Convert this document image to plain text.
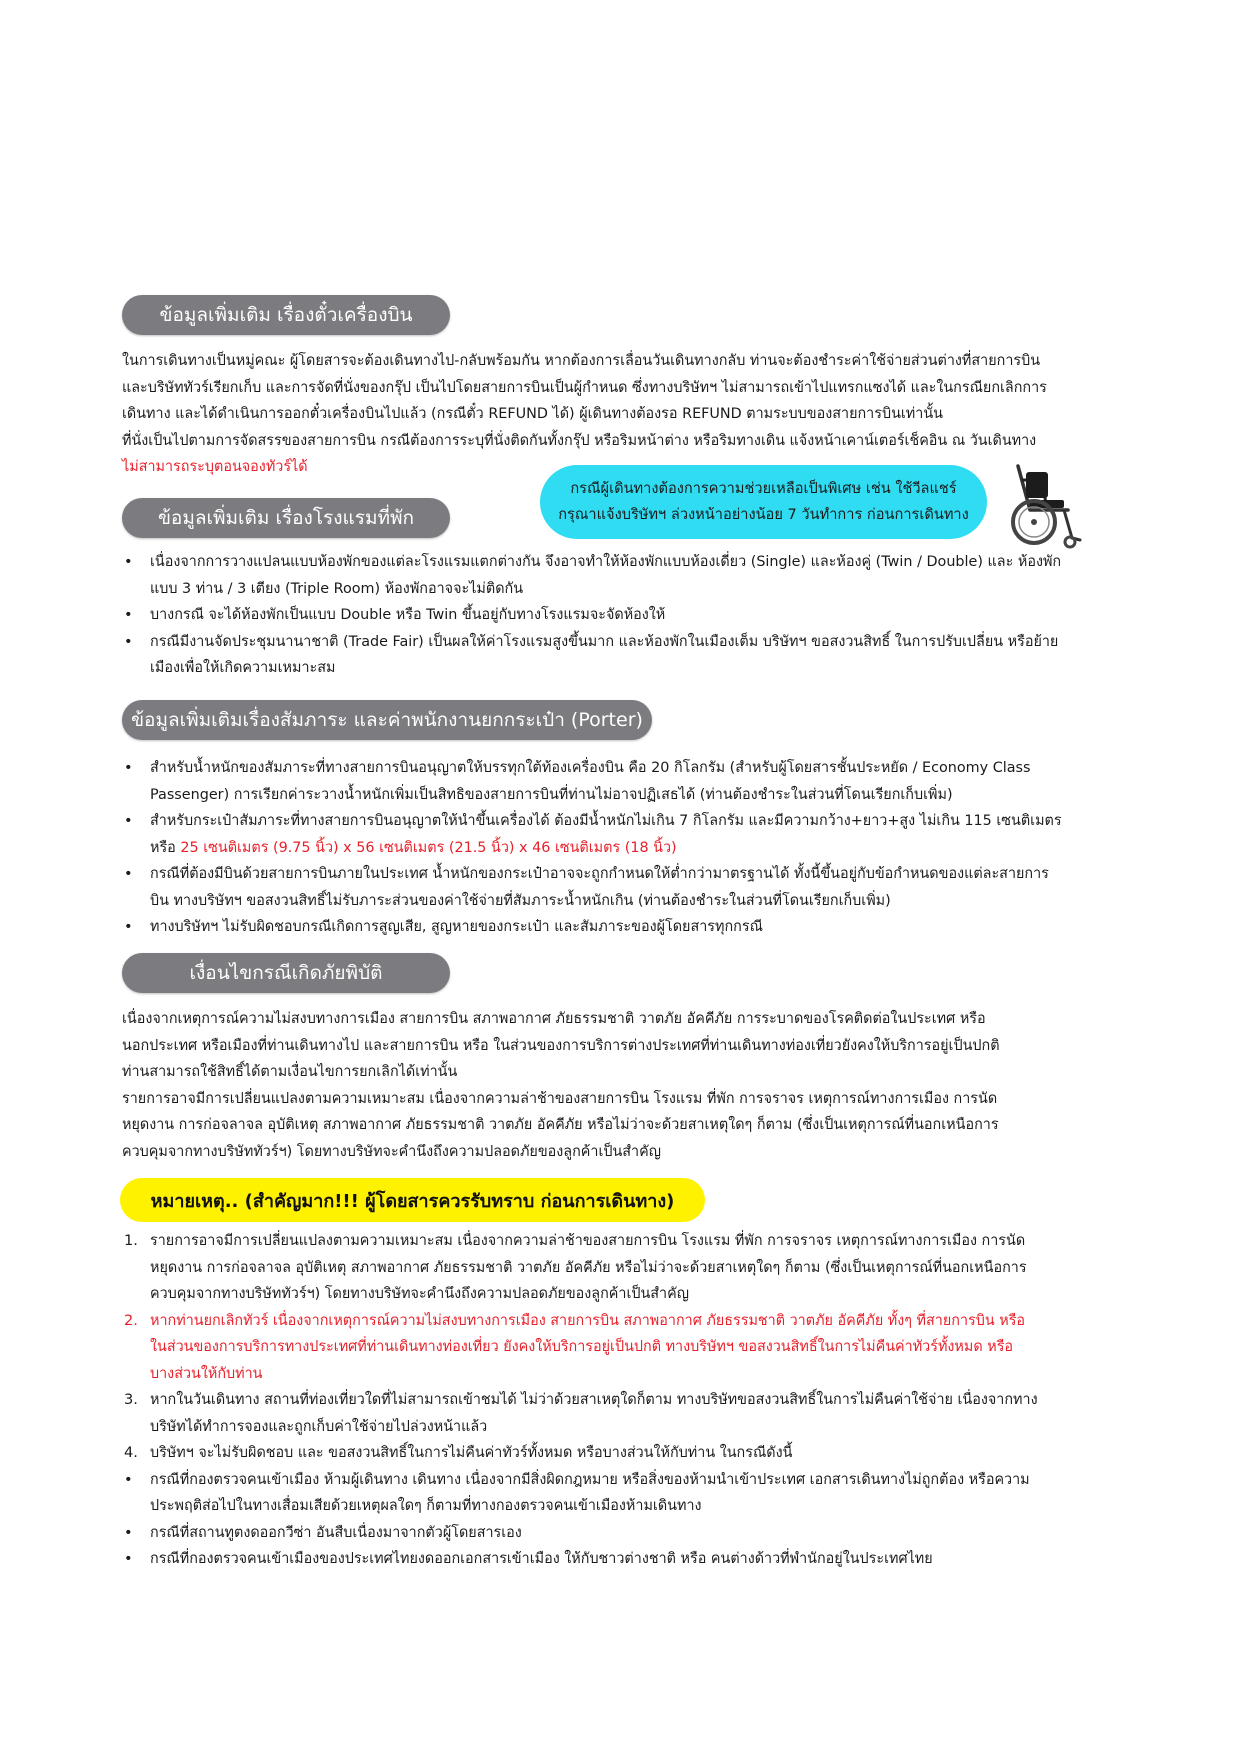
ข้อมูลเพิ่มเติม เรื่องตั๋วเครื่องบิน
ในการเดินทางเป็นหมู่คณะ ผู้โดยสารจะต้องเดินทางไป-กลับพร้อมกัน หากต้องการเลื่อนวันเดินทางกลับ ท่านจะต้องชำระค่าใช้จ่ายส่วนต่างที่สายการบิน
และบริษัททัวร์เรียกเก็บ และการจัดที่นั่งของกรุ๊ป เป็นไปโดยสายการบินเป็นผู้กำหนด ซึ่งทางบริษัทฯ ไม่สามารถเข้าไปแทรกแซงได้ และในกรณียกเลิกการ
เดินทาง และได้ดำเนินการออกตั๋วเครื่องบินไปแล้ว (กรณีตั๋ว REFUND ได้) ผู้เดินทางต้องรอ REFUND ตามระบบของสายการบินเท่านั้น
ที่นั่งเป็นไปตามการจัดสรรของสายการบิน กรณีต้องการระบุที่นั่งติดกันทั้งกรุ๊ป หรือริมหน้าต่าง หรือริมทางเดิน แจ้งหน้าเคาน์เตอร์เช็คอิน ณ วันเดินทาง
ไม่สามารถระบุตอนจองทัวร์ได้
กรณีผู้เดินทางต้องการความช่วยเหลือเป็นพิเศษ เช่น ใช้วีลแชร์
กรุณาแจ้งบริษัทฯ ล่วงหน้าอย่างน้อย 7 วันทำการ ก่อนการเดินทาง
ข้อมูลเพิ่มเติม เรื่องโรงแรมที่พัก
• เนื่องจากการวางแปลนแบบห้องพักของแต่ละโรงแรมแตกต่างกัน จึงอาจทำให้ห้องพักแบบห้องเดี่ยว (Single) และห้องคู่ (Twin / Double) และ ห้องพัก
แบบ 3 ท่าน / 3 เตียง (Triple Room) ห้องพักอาจจะไม่ติดกัน
• บางกรณี จะได้ห้องพักเป็นแบบ Double หรือ Twin ขึ้นอยู่กับทางโรงแรมจะจัดห้องให้
• กรณีมีงานจัดประชุมนานาชาติ (Trade Fair) เป็นผลให้ค่าโรงแรมสูงขึ้นมาก และห้องพักในเมืองเต็ม บริษัทฯ ขอสงวนสิทธิ์ ในการปรับเปลี่ยน หรือย้าย
เมืองเพื่อให้เกิดความเหมาะสม
ข้อมูลเพิ่มเติมเรื่องสัมภาระ และค่าพนักงานยกกระเป๋า (Porter)
• สำหรับน้ำหนักของสัมภาระที่ทางสายการบินอนุญาตให้บรรทุกใต้ท้องเครื่องบิน คือ 20 กิโลกรัม (สำหรับผู้โดยสารชั้นประหยัด / Economy Class
Passenger) การเรียกค่าระวางน้ำหนักเพิ่มเป็นสิทธิของสายการบินที่ท่านไม่อาจปฏิเสธได้ (ท่านต้องชำระในส่วนที่โดนเรียกเก็บเพิ่ม)
• สำหรับกระเป๋าสัมภาระที่ทางสายการบินอนุญาตให้นำขึ้นเครื่องได้ ต้องมีน้ำหนักไม่เกิน 7 กิโลกรัม และมีความกว้าง+ยาว+สูง ไม่เกิน 115 เซนติเมตร
หรือ 25 เซนติเมตร (9.75 นิ้ว) x 56 เซนติเมตร (21.5 นิ้ว) x 46 เซนติเมตร (18 นิ้ว)
• กรณีที่ต้องมีบินด้วยสายการบินภายในประเทศ น้ำหนักของกระเป๋าอาจจะถูกกำหนดให้ต่ำกว่ามาตรฐานได้ ทั้งนี้ขึ้นอยู่กับข้อกำหนดของแต่ละสายการ
บิน ทางบริษัทฯ ขอสงวนสิทธิ์ไม่รับภาระส่วนของค่าใช้จ่ายที่สัมภาระน้ำหนักเกิน (ท่านต้องชำระในส่วนที่โดนเรียกเก็บเพิ่ม)
• ทางบริษัทฯ ไม่รับผิดชอบกรณีเกิดการสูญเสีย, สูญหายของกระเป๋า และสัมภาระของผู้โดยสารทุกกรณี
เงื่อนไขกรณีเกิดภัยพิบัติ
เนื่องจากเหตุการณ์ความไม่สงบทางการเมือง สายการบิน สภาพอากาศ ภัยธรรมชาติ วาตภัย อัคคีภัย การระบาดของโรคติดต่อในประเทศ หรือ
นอกประเทศ หรือเมืองที่ท่านเดินทางไป และสายการบิน หรือ ในส่วนของการบริการต่างประเทศที่ท่านเดินทางท่องเที่ยวยังคงให้บริการอยู่เป็นปกติ
ท่านสามารถใช้สิทธิ์ได้ตามเงื่อนไขการยกเลิกได้เท่านั้น
รายการอาจมีการเปลี่ยนแปลงตามความเหมาะสม เนื่องจากความล่าช้าของสายการบิน โรงแรม ที่พัก การจราจร เหตุการณ์ทางการเมือง การนัด
หยุดงาน การก่อจลาจล อุบัติเหตุ สภาพอากาศ ภัยธรรมชาติ วาตภัย อัคคีภัย หรือไม่ว่าจะด้วยสาเหตุใดๆ ก็ตาม (ซึ่งเป็นเหตุการณ์ที่นอกเหนือการ
ควบคุมจากทางบริษัททัวร์ฯ) โดยทางบริษัทจะคำนึงถึงความปลอดภัยของลูกค้าเป็นสำคัญ
หมายเหตุ.. (สำคัญมาก!!! ผู้โดยสารควรรับทราบ ก่อนการเดินทาง)
1. รายการอาจมีการเปลี่ยนแปลงตามความเหมาะสม เนื่องจากความล่าช้าของสายการบิน โรงแรม ที่พัก การจราจร เหตุการณ์ทางการเมือง การนัด
หยุดงาน การก่อจลาจล อุบัติเหตุ สภาพอากาศ ภัยธรรมชาติ วาตภัย อัคคีภัย หรือไม่ว่าจะด้วยสาเหตุใดๆ ก็ตาม (ซึ่งเป็นเหตุการณ์ที่นอกเหนือการ
ควบคุมจากทางบริษัททัวร์ฯ) โดยทางบริษัทจะคำนึงถึงความปลอดภัยของลูกค้าเป็นสำคัญ
2. หากท่านยกเลิกทัวร์ เนื่องจากเหตุการณ์ความไม่สงบทางการเมือง สายการบิน สภาพอากาศ ภัยธรรมชาติ วาตภัย อัคคีภัย ทั้งๆ ที่สายการบิน หรือ
ในส่วนของการบริการทางประเทศที่ท่านเดินทางท่องเที่ยว ยังคงให้บริการอยู่เป็นปกติ ทางบริษัทฯ ขอสงวนสิทธิ์ในการไม่คืนค่าทัวร์ทั้งหมด หรือ
บางส่วนให้กับท่าน
3. หากในวันเดินทาง สถานที่ท่องเที่ยวใดที่ไม่สามารถเข้าชมได้ ไม่ว่าด้วยสาเหตุใดก็ตาม ทางบริษัทขอสงวนสิทธิ์ในการไม่คืนค่าใช้จ่าย เนื่องจากทาง
บริษัทได้ทำการจองและถูกเก็บค่าใช้จ่ายไปล่วงหน้าแล้ว
4. บริษัทฯ จะไม่รับผิดชอบ และ ขอสงวนสิทธิ์ในการไม่คืนค่าทัวร์ทั้งหมด หรือบางส่วนให้กับท่าน ในกรณีดังนี้
• กรณีที่กองตรวจคนเข้าเมือง ห้ามผู้เดินทาง เดินทาง เนื่องจากมีสิ่งผิดกฎหมาย หรือสิ่งของห้ามนำเข้าประเทศ เอกสารเดินทางไม่ถูกต้อง หรือความ
ประพฤติส่อไปในทางเสื่อมเสียด้วยเหตุผลใดๆ ก็ตามที่ทางกองตรวจคนเข้าเมืองห้ามเดินทาง
• กรณีที่สถานทูตงดออกวีซ่า อันสืบเนื่องมาจากตัวผู้โดยสารเอง
• กรณีที่กองตรวจคนเข้าเมืองของประเทศไทยงดออกเอกสารเข้าเมือง ให้กับชาวต่างชาติ หรือ คนต่างด้าวที่พำนักอยู่ในประเทศไทย
